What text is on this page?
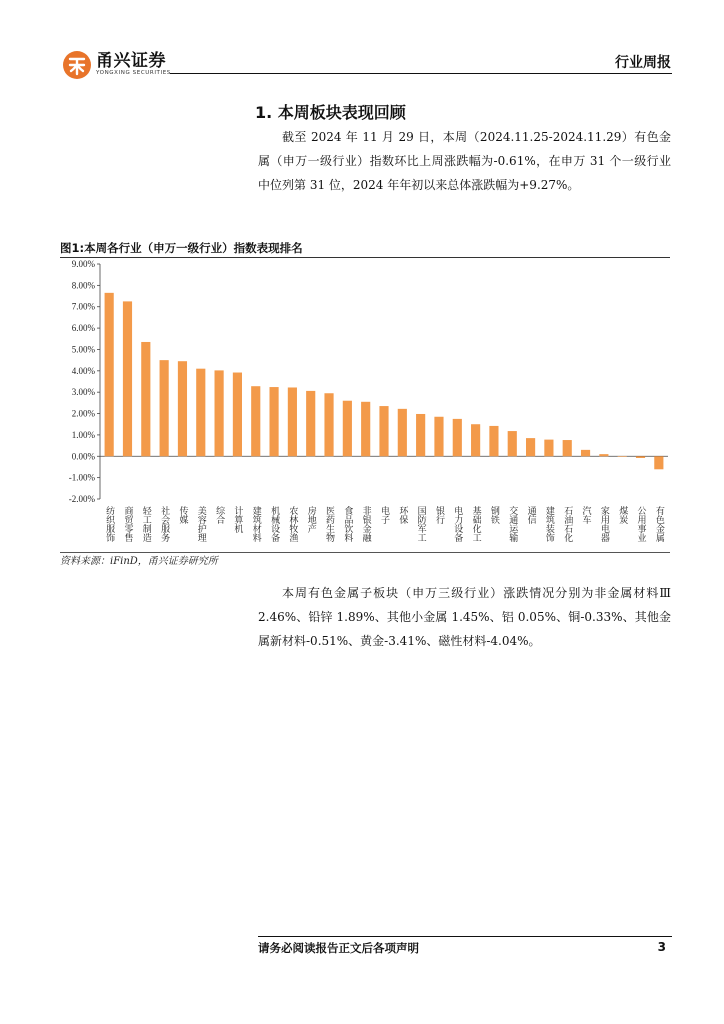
甬兴证券
YONGXING SECURITIES
行业周报
1. 本周板块表现回顾
截至 2024 年 11 月 29 日，本周（2024.11.25-2024.11.29）有色金属（申万一级行业）指数环比上周涨跌幅为-0.61%，在申万 31 个一级行业中位列第 31 位，2024 年年初以来总体涨跌幅为+9.27%。
图1:本周各行业（申万一级行业）指数表现排名
9.00%
8.00%
7.00%
6.00%
5.00%
4.00%
3.00%
2.00%
1.00%
0.00%
-1.00%
-2.00%
纺织服饰 商贸零售 轻工制造 社会服务 传媒 美容护理 综合 计算机 建筑材料 机械设备 农林牧渔 房地产 医药生物 食品饮料 非银金融 电子 环保 国防军工 银行 电力设备 基础化工 钢铁 交通运输 通信 建筑装饰 石油石化 汽车 家用电器 煤炭 公用事业 有色金属
资料来源：iFinD，甬兴证券研究所
本周有色金属子板块（申万三级行业）涨跌情况分别为非金属材料Ⅲ 2.46%、铅锌 1.89%、其他小金属 1.45%、铝 0.05%、铜-0.33%、其他金属新材料-0.51%、黄金-3.41%、磁性材料-4.04%。
请务必阅读报告正文后各项声明	3
